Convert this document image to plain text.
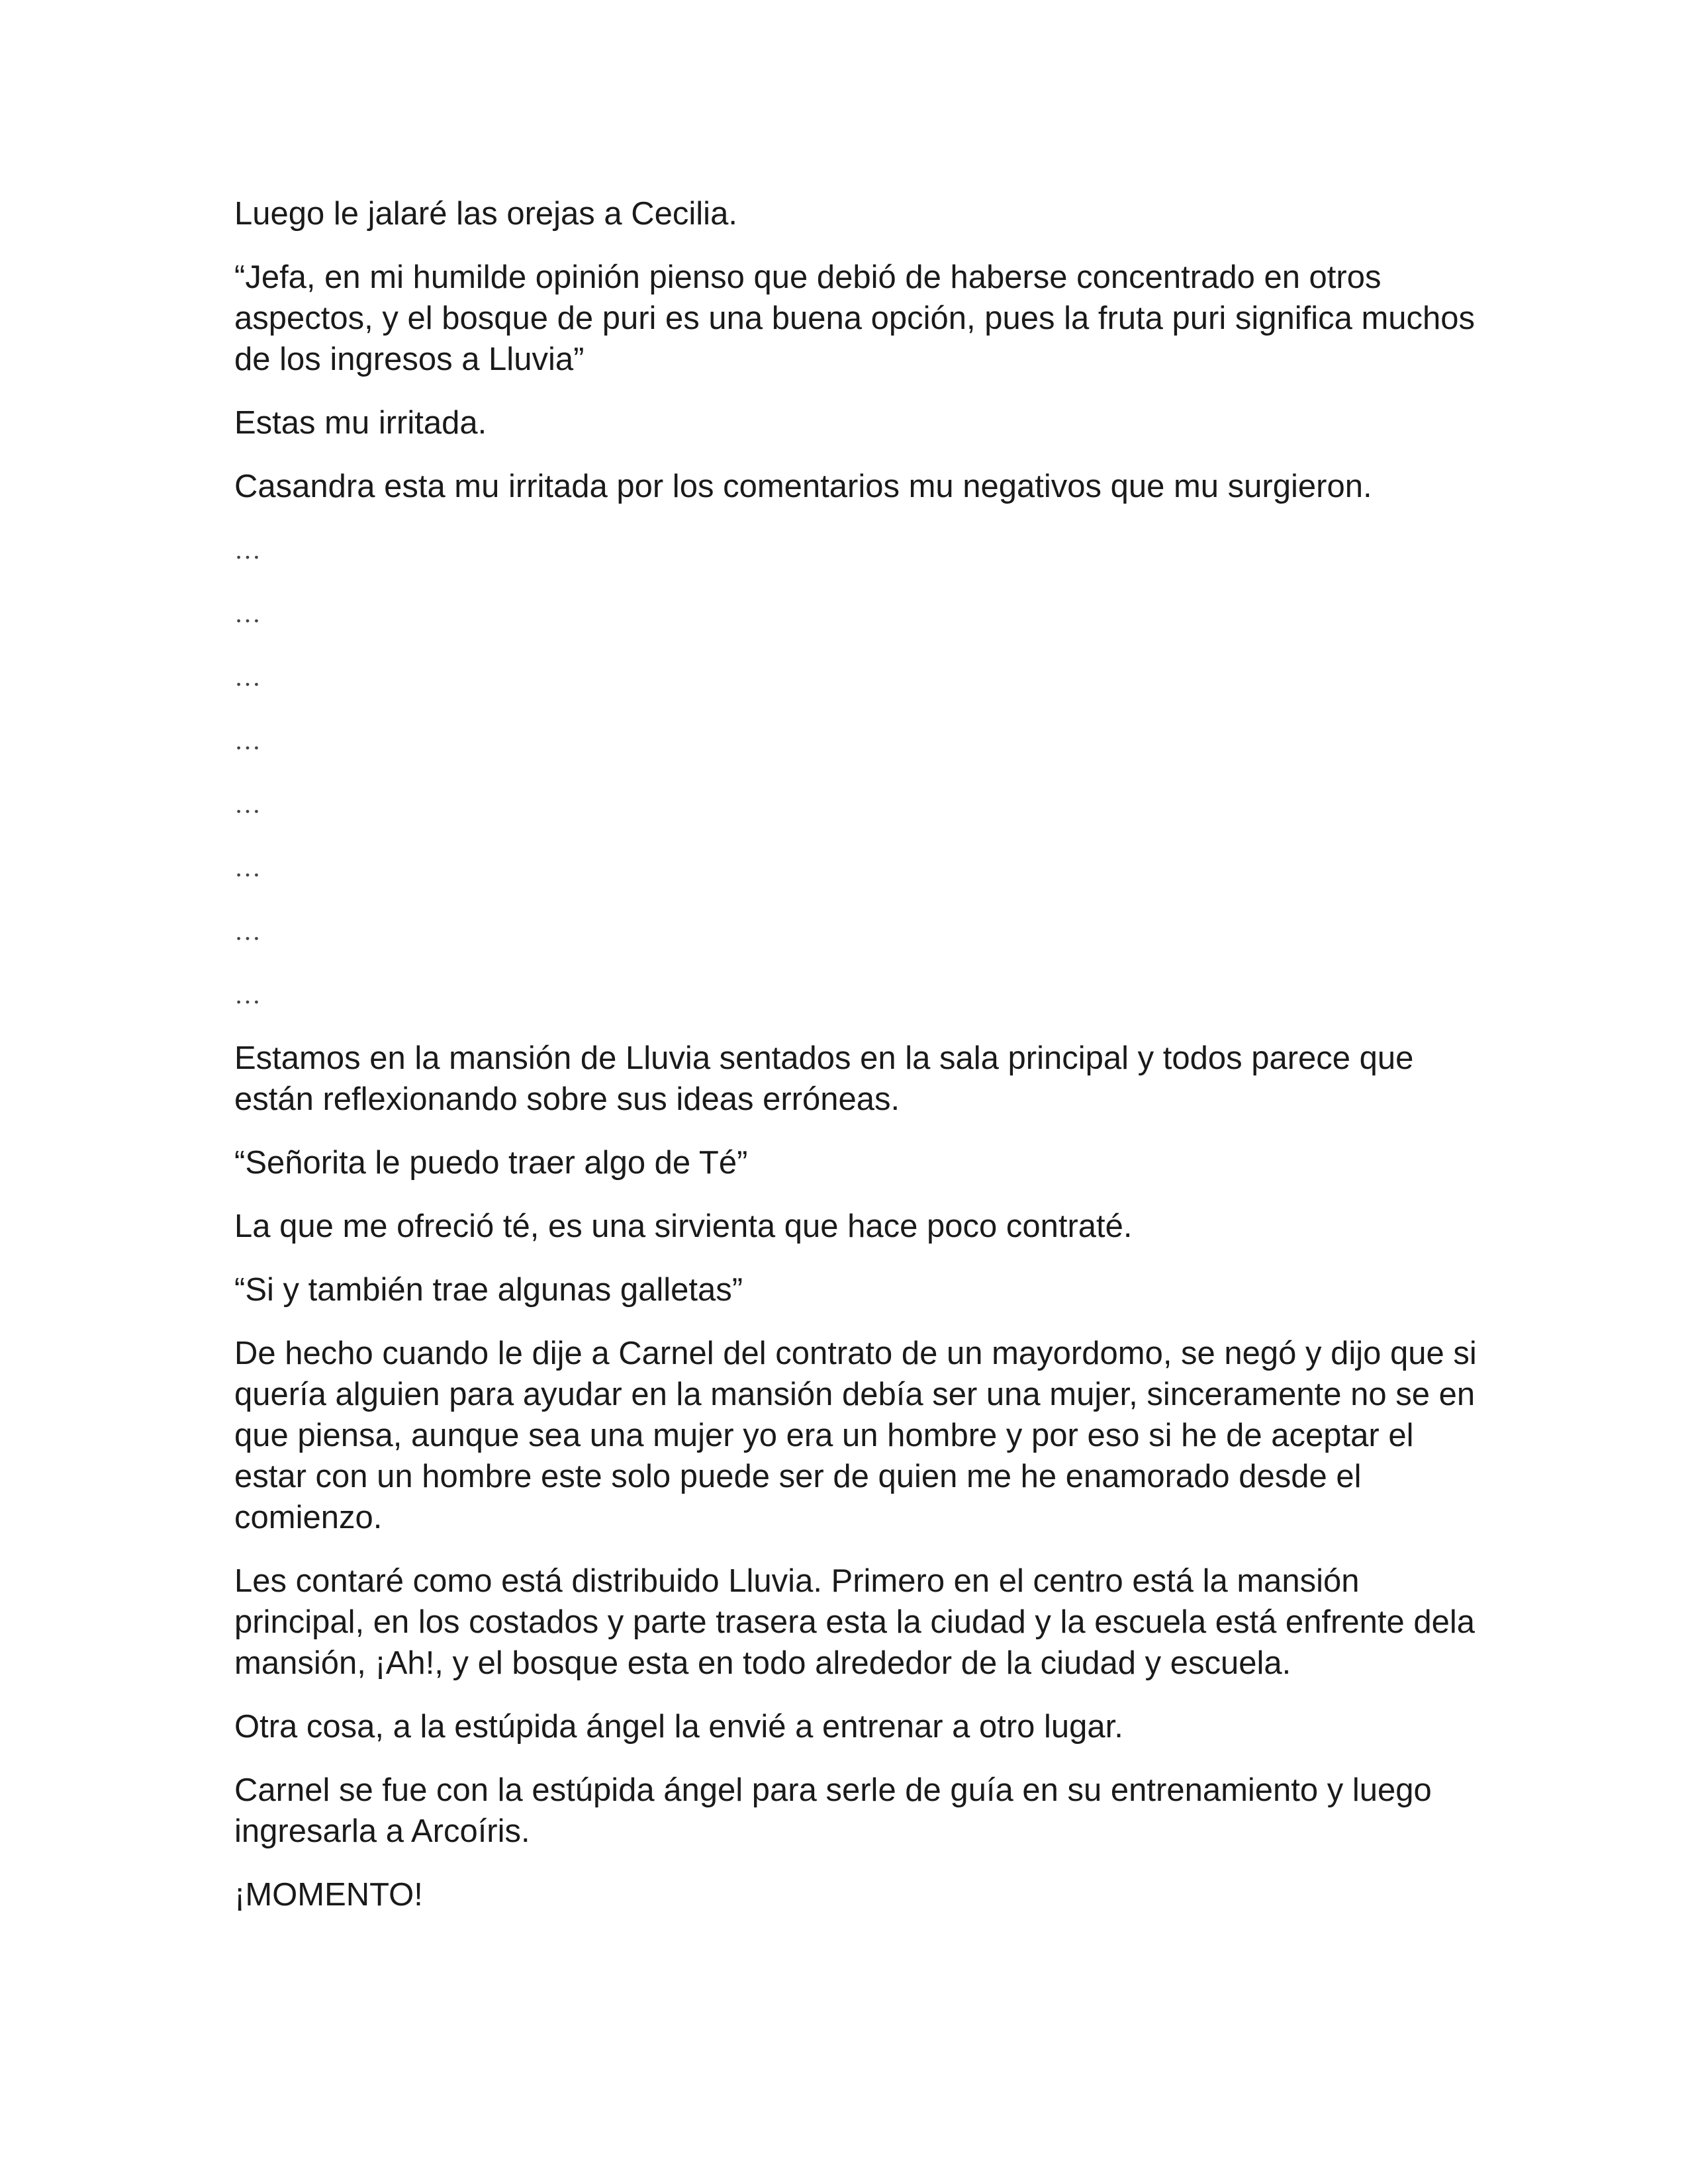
Luego le jalaré las orejas a Cecilia.

“Jefa, en mi humilde opinión pienso que debió de haberse concentrado en otros aspectos, y el bosque de puri es una buena opción, pues la fruta puri significa muchos de los ingresos a Lluvia”

Estas mu irritada.

Casandra esta mu irritada por los comentarios mu negativos que mu surgieron.

…

…

…

…

…

…

…

…

Estamos en la mansión de Lluvia sentados en la sala principal y todos parece que están reflexionando sobre sus ideas erróneas.

“Señorita le puedo traer algo de Té”

La que me ofreció té, es una sirvienta que hace poco contraté.

“Si y también trae algunas galletas”

De hecho cuando le dije a Carnel del contrato de un mayordomo, se negó y dijo que si quería alguien para ayudar en la mansión debía ser una mujer, sinceramente no se en que piensa, aunque sea una mujer yo era un hombre y por eso si he de aceptar el estar con un hombre este solo puede ser de quien me he enamorado desde el comienzo.

Les contaré como está distribuido Lluvia. Primero en el centro está la mansión principal, en los costados y parte trasera esta la ciudad y la escuela está enfrente dela mansión, ¡Ah!, y el bosque esta en todo alrededor de la ciudad y escuela.

Otra cosa, a la estúpida ángel la envié a entrenar a otro lugar.

Carnel se fue con la estúpida ángel para serle de guía en su entrenamiento y luego ingresarla a Arcoíris.

¡MOMENTO!
